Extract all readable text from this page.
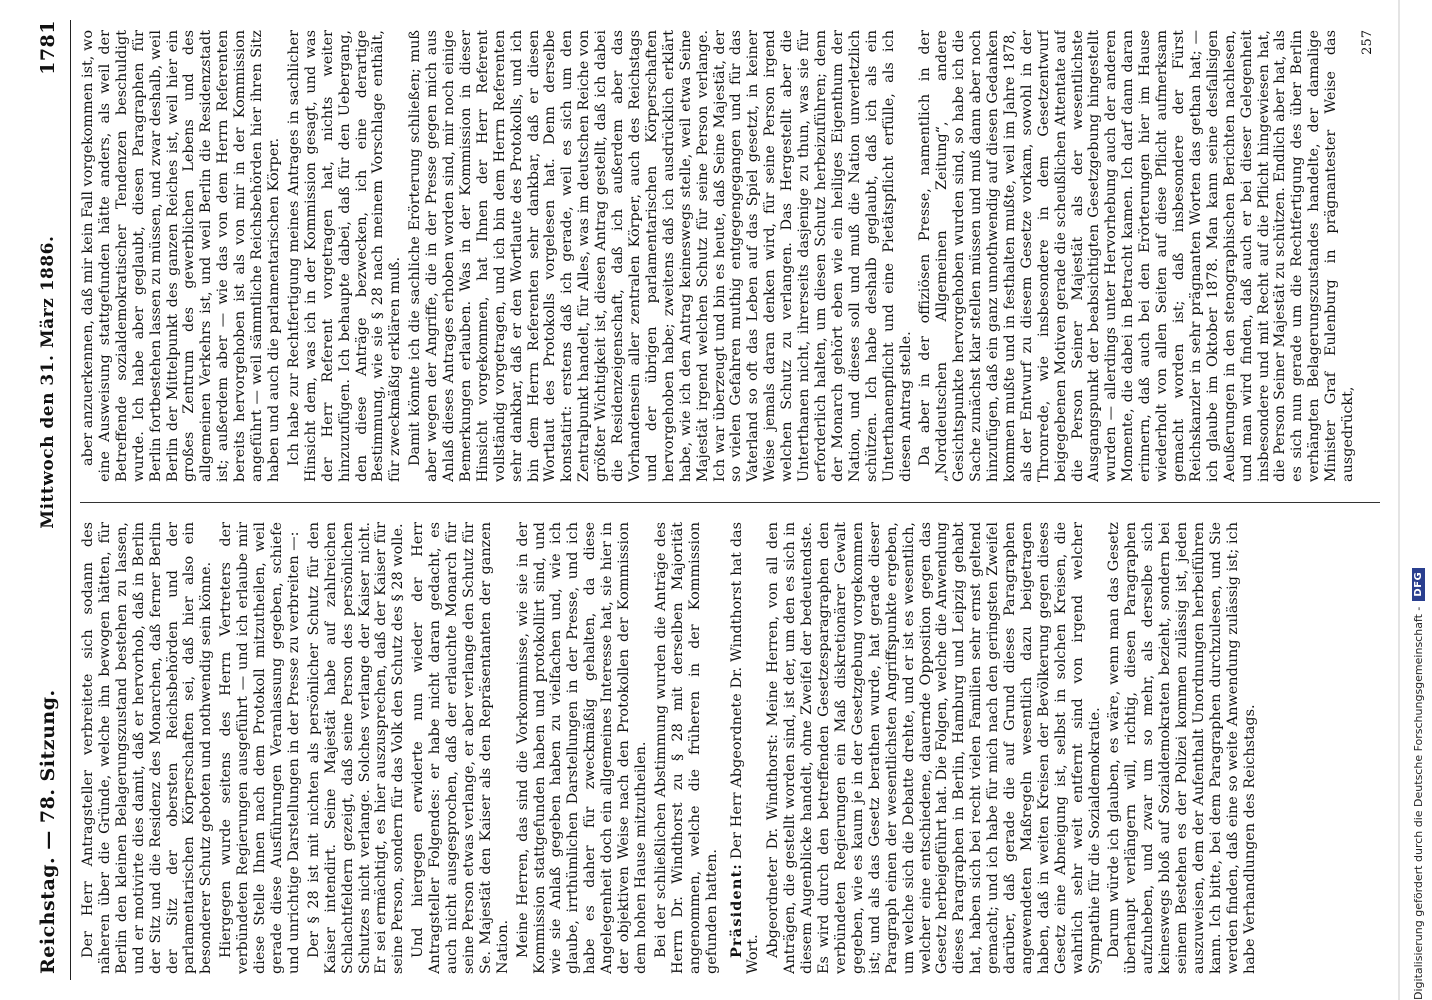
Reichstag. — 78. Sitzung.
Mittwoch den 31. März 1886.
1781

Der Herr Antragsteller verbreitete sich sodann des näheren über die Gründe, welche ihn bewogen hätten, für Berlin den kleinen Belagerungszustand bestehen zu lassen, und er motivirte dies damit, daß er hervorhob, daß in Berlin der Sitz und die Residenz des Monarchen, daß ferner Berlin der Sitz der obersten Reichsbehörden und der parlamentarischen Körperschaften sei, daß hier also ein besonderer Schutz geboten und nothwendig sein könne. Hiergegen wurde seitens des Herrn Vertreters der verbündeten Regierungen ausgeführt — und ich erlaube mir diese Stelle Ihnen nach dem Protokoll mitzutheilen, weil gerade diese Ausführungen Veranlassung gegeben, schiefe und unrichtige Darstellungen in der Presse zu verbreiten —: Der § 28 ist mit nichten als persönlicher Schutz für den Kaiser intendirt. Seine Majestät habe auf zahlreichen Schlachtfeldern gezeigt, daß seine Person des persönlichen Schutzes nicht verlange. Solches verlange der Kaiser nicht. Er sei ermächtigt, es hier auszusprechen, daß der Kaiser für seine Person, sondern für das Volk den Schutz des § 28 wolle. Und hiergegen erwiderte nun wieder der Herr Antragsteller Folgendes: er habe nicht daran gedacht, es auch nicht ausgesprochen, daß der erlauchte Monarch für seine Person etwas verlange, er aber verlange den Schutz für Se. Majestät den Kaiser als den Repräsentanten der ganzen Nation. Meine Herren, das sind die Vorkommnisse, wie sie in der Kommission stattgefunden haben und protokollirt sind, und wie sie Anlaß gegeben haben zu vielfachen und, wie ich glaube, irrthümlichen Darstellungen in der Presse, und ich habe es daher für zweckmäßig gehalten, da diese Angelegenheit doch ein allgemeines Interesse hat, sie hier in der objektiven Weise nach den Protokollen der Kommission dem hohen Hause mitzutheilen. Bei der schließlichen Abstimmung wurden die Anträge des Herrn Dr. Windthorst zu § 28 mit derselben Majorität angenommen, welche die früheren in der Kommission gefunden hatten. Präsident:Der Herr Abgeordnete Dr. Windthorst hat das Wort. Abgeordneter Dr. Windthorst: Meine Herren, von all den Anträgen, die gestellt worden sind, ist der, um den es sich in diesem Augenblicke handelt, ohne Zweifel der bedeutendste. Es wird durch den betreffenden Gesetzesparagraphen den verbündeten Regierungen ein Maß diskretionärer Gewalt gegeben, wie es kaum je in der Gesetzgebung vorgekommen ist; und als das Gesetz berathen wurde, hat gerade dieser Paragraph einen der wesentlichsten Angriffspunkte ergeben, um welche sich die Debatte drehte, und er ist es wesentlich, welcher eine entschiedene, dauernde Opposition gegen das Gesetz herbeigeführt hat. Die Folgen, welche die Anwendung dieses Paragraphen in Berlin, Hamburg und Leipzig gehabt hat, haben sich bei recht vielen Familien sehr ernst geltend gemacht; und ich habe für mich nach den geringsten Zweifel darüber, daß gerade die auf Grund dieses Paragraphen angewendeten Maßregeln wesentlich dazu beigetragen haben, daß in weiten Kreisen der Bevölkerung gegen dieses Gesetz eine Abneigung ist, selbst in solchen Kreisen, die wahrlich sehr weit entfernt sind von irgend welcher Sympathie für die Sozialdemokratie. Darum würde ich glauben, es wäre, wenn man das Gesetz überhaupt verlängern will, richtig, diesen Paragraphen aufzuheben, und zwar um so mehr, als derselbe sich keineswegs bloß auf Sozialdemokraten bezieht, sondern bei seinem Bestehen es der Polizei kommen zulässig ist, jeden auszuweisen, dem der Aufenthalt Unordnungen herbeiführen kann. Ich bitte, bei dem Paragraphen durchzulesen, und Sie werden finden, daß eine so weite Anwendung zulässig ist; ich habe Verhandlungen des Reichstags.

aber anzuerkennen, daß mir kein Fall vorgekommen ist, wo eine Ausweisung stattgefunden hätte anders, als weil der Betreffende sozialdemokratischer Tendenzen beschuldigt wurde. Ich habe aber geglaubt, diesen Paragraphen für Berlin fortbestehen lassen zu müssen, und zwar deshalb, weil Berlin der Mittelpunkt des ganzen Reiches ist, weil hier ein großes Zentrum des gewerblichen Lebens und des allgemeinen Verkehrs ist, und weil Berlin die Residenzstadt ist; außerdem aber — wie das von dem Herrn Referenten bereits hervorgehoben ist als von mir in der Kommission angeführt — weil sämmtliche Reichsbehörden hier ihren Sitz haben und auch die parlamentarischen Körper. Ich habe zur Rechtfertigung meines Antrages in sachlicher Hinsicht dem, was ich in der Kommission gesagt, und was der Herr Referent vorgetragen hat, nichts weiter hinzuzufügen. Ich behaupte dabei, daß für den Uebergang, den diese Anträge bezwecken, ich eine derartige Bestimmung, wie sie § 28 nach meinem Vorschlage enthält, für zweckmäßig erklären muß. Damit könnte ich die sachliche Erörterung schließen; muß aber wegen der Angriffe, die in der Presse gegen mich aus Anlaß dieses Antrages erhoben worden sind, mir noch einige Bemerkungen erlauben. Was in der Kommission in dieser Hinsicht vorgekommen, hat Ihnen der Herr Referent vollständig vorgetragen, und ich bin dem Herrn Referenten sehr dankbar, daß er den Wortlaute des Protokolls, und ich bin dem Herrn Referenten sehr dankbar, daß er diesen Wortlaut des Protokolls vorgelesen hat. Denn derselbe konstatirt: erstens daß ich gerade, weil es sich um den Zentralpunkt handelt, für Alles, was im deutschen Reiche von größter Wichtigkeit ist, diesen Antrag gestellt, daß ich dabei die Residenzeigenschaft, daß ich außerdem aber das Vorhandensein aller zentralen Körper, auch des Reichstags und der übrigen parlamentarischen Körperschaften hervorgehoben habe; zweitens daß ich ausdrücklich erklärt habe, wie ich den Antrag keineswegs stelle, weil etwa Seine Majestät irgend welchen Schutz für seine Person verlange. Ich war überzeugt und bin es heute, daß Seine Majestät, der so vielen Gefahren muthig entgegengegangen und für das Vaterland so oft das Leben auf das Spiel gesetzt, in keiner Weise jemals daran denken wird, für seine Person irgend welchen Schutz zu verlangen. Das Hergestellt aber die Unterthanen nicht, ihrerseits dasjenige zu thun, was sie für erforderlich halten, um diesen Schutz herbeizuführen; denn der Monarch gehört eben wie ein heiliges Eigenthum der Nation, und dieses soll und muß die Nation unverletzlich schützen. Ich habe deshalb geglaubt, daß ich als ein Unterthanenpflicht und eine Pietätspflicht erfülle, als ich diesen Antrag stelle. Da aber in der offiziösen Presse, namentlich in der „Norddeutschen Allgemeinen Zeitung“, andere Gesichtspunkte hervorgehoben wurden sind, so habe ich die Sache zunächst klar stellen müssen und muß dann aber noch hinzufügen, daß ein ganz unnothwendig auf diesen Gedanken kommen mußte und in festhalten mußte, weil im Jahre 1878, als der Entwurf zu diesem Gesetze vorkam, sowohl in der Thronrede, wie insbesondere in dem Gesetzentwurf beigegebenen Motiven gerade die scheußlichen Attentate auf die Person Seiner Majestät als der wesentlichste Ausgangspunkt der beabsichtigten Gesetzgebung hingestellt wurden — allerdings unter Hervorhebung auch der anderen Momente, die dabei in Betracht kamen. Ich darf dann daran erinnern, daß auch bei den Erörterungen hier im Hause wiederholt von allen Seiten auf diese Pflicht aufmerksam gemacht worden ist; daß insbesondere der Fürst Reichskanzler in sehr prägnanten Worten das gethan hat; — ich glaube im Oktober 1878. Man kann seine desfallsigen Aeußerungen in den stenographischen Berichten nachlesen, und man wird finden, daß auch er bei dieser Gelegenheit insbesondere und mit Recht auf die Pflicht hingewiesen hat, die Person Seiner Majestät zu schützen. Endlich aber hat, als es sich nun gerade um die Rechtfertigung des über Berlin verhängten Belagerungszustandes handelte, der damalige Minister Graf Eulenburg in prägnantester Weise das ausgedrückt,

257
Digitalisierung gefördert durch die Deutsche Forschungsgemeinschaft -
DFG
